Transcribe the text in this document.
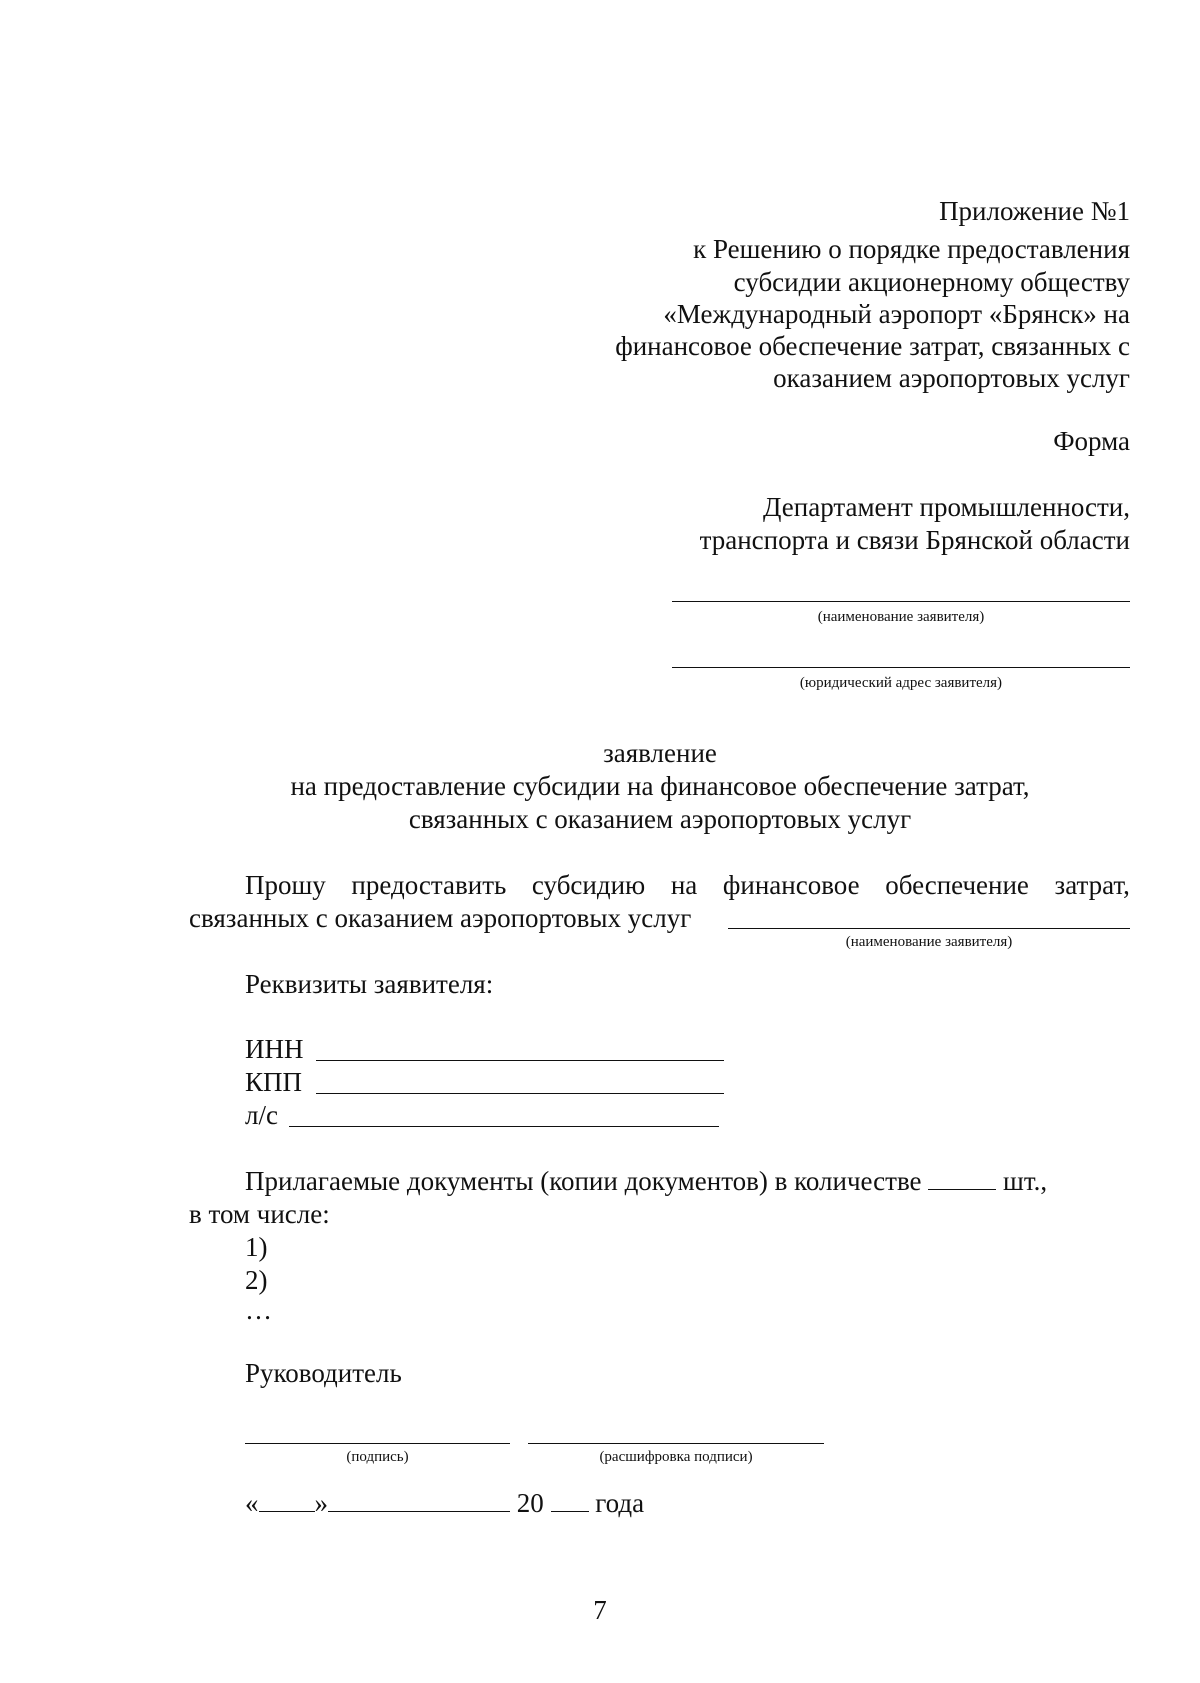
Приложение №1
к Решению о порядке предоставления
субсидии акционерному обществу
«Международный аэропорт «Брянск» на
финансовое обеспечение затрат, связанных с
оказанием аэропортовых услуг
Форма
Департамент промышленности,
транспорта и связи Брянской области
(наименование заявителя)
(юридический адрес заявителя)
заявление
на предоставление субсидии на финансовое обеспечение затрат,
связанных с оказанием аэропортовых услуг
Прошу предоставить субсидию на финансовое обеспечение затрат,
связанных с оказанием аэропортовых услуг
(наименование заявителя)
Реквизиты заявителя:
ИНН
КПП
л/с
Прилагаемые документы (копии документов) в количестве	шт.,
в том числе:
1)
2)
…
Руководитель
(подпись)	(расшифровка подписи)
« »	20 года
7
